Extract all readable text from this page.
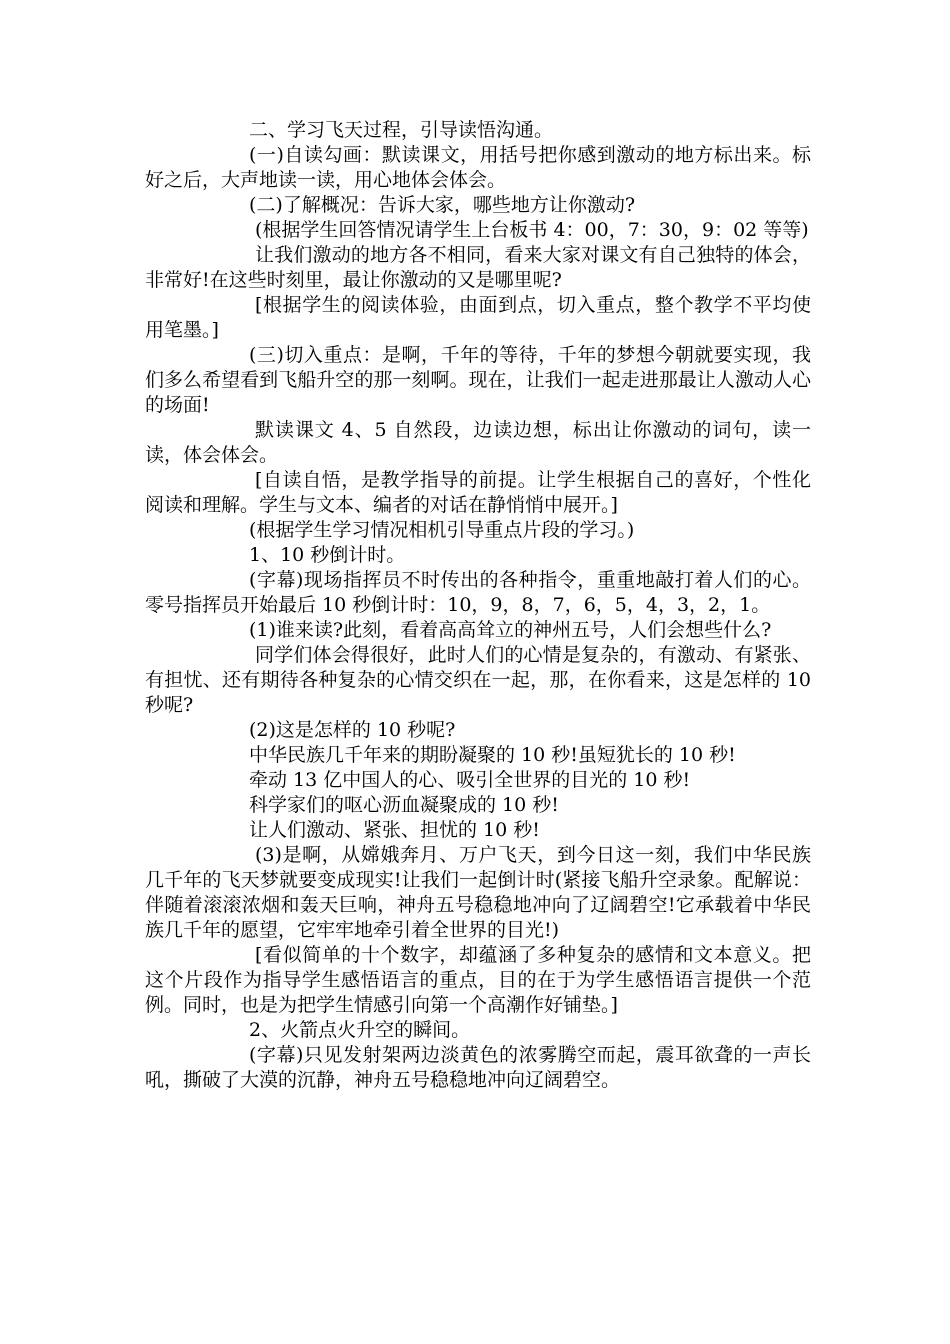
二、学习飞天过程，引导读悟沟通。

(一)自读勾画：默读课文，用括号把你感到激动的地方标出来。标好之后，大声地读一读，用心地体会体会。

(二)了解概况：告诉大家，哪些地方让你激动?

(根据学生回答情况请学生上台板书 4：00，7：30，9：02 等等)

让我们激动的地方各不相同，看来大家对课文有自己独特的体会，非常好!在这些时刻里，最让你激动的又是哪里呢?

[根据学生的阅读体验，由面到点，切入重点，整个教学不平均使用笔墨。]

(三)切入重点：是啊，千年的等待，千年的梦想今朝就要实现，我们多么希望看到飞船升空的那一刻啊。现在，让我们一起走进那最让人激动人心的场面!

默读课文 4、5 自然段，边读边想，标出让你激动的词句，读一读，体会体会。

[自读自悟，是教学指导的前提。让学生根据自己的喜好，个性化阅读和理解。学生与文本、编者的对话在静悄悄中展开。]

(根据学生学习情况相机引导重点片段的学习。)

1、10 秒倒计时。

(字幕)现场指挥员不时传出的各种指令，重重地敲打着人们的心。零号指挥员开始最后 10 秒倒计时：10，9，8，7，6，5，4，3，2，1。

(1)谁来读?此刻，看着高高耸立的神州五号，人们会想些什么?

同学们体会得很好，此时人们的心情是复杂的，有激动、有紧张、有担忧、还有期待各种复杂的心情交织在一起，那，在你看来，这是怎样的 10 秒呢?

(2)这是怎样的 10 秒呢?

中华民族几千年来的期盼凝聚的 10 秒!虽短犹长的 10 秒!

牵动 13 亿中国人的心、吸引全世界的目光的 10 秒!

科学家们的呕心沥血凝聚成的 10 秒!

让人们激动、紧张、担忧的 10 秒!

(3)是啊，从嫦娥奔月、万户飞天，到今日这一刻，我们中华民族几千年的飞天梦就要变成现实!让我们一起倒计时(紧接飞船升空录象。配解说：伴随着滚滚浓烟和轰天巨响，神舟五号稳稳地冲向了辽阔碧空!它承载着中华民族几千年的愿望，它牢牢地牵引着全世界的目光!)

[看似简单的十个数字，却蕴涵了多种复杂的感情和文本意义。把这个片段作为指导学生感悟语言的重点，目的在于为学生感悟语言提供一个范例。同时，也是为把学生情感引向第一个高潮作好铺垫。]

2、火箭点火升空的瞬间。

(字幕)只见发射架两边淡黄色的浓雾腾空而起，震耳欲聋的一声长吼，撕破了大漠的沉静，神舟五号稳稳地冲向辽阔碧空。
